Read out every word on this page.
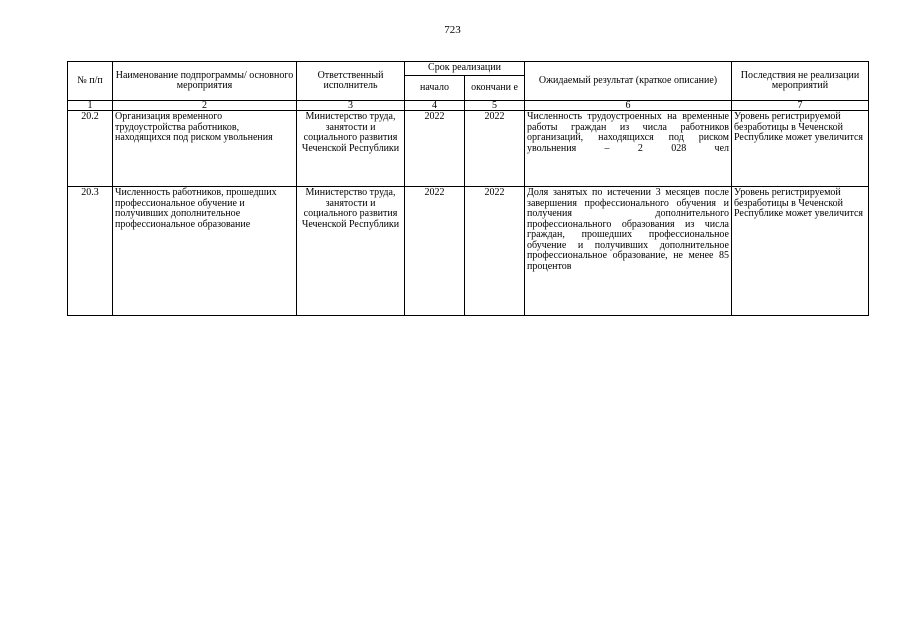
723
№ п/п	Наименование подпрограммы/ основного мероприятия	Ответственный исполнитель	Срок реализации		Ожидаемый результат (краткое описание)	Последствия не реализации мероприятий
			начало	окончани е		
1	2	3	4	5	6	7
20.2	Организация временного трудоустройства работников, находящихся под риском увольнения	Министерство труда, занятости и социального развития Чеченской Республики	2022	2022	Численность трудоустроенных на временные работы граждан из числа работников организаций, находящихся под риском увольнения – 2 028 чел	Уровень регистрируемой безработицы в Чеченской Республике может увеличится
20.3	Численность работников, прошедших профессиональное обучение и получивших дополнительное профессиональное образование	Министерство труда, занятости и социального развития Чеченской Республики	2022	2022	Доля занятых по истечении 3 месяцев после завершения профессионального обучения и получения дополнительного профессионального образования из числа граждан, прошедших профессиональное обучение и получивших дополнительное профессиональное образование, не менее 85 процентов	Уровень регистрируемой безработицы в Чеченской Республике может увеличится
